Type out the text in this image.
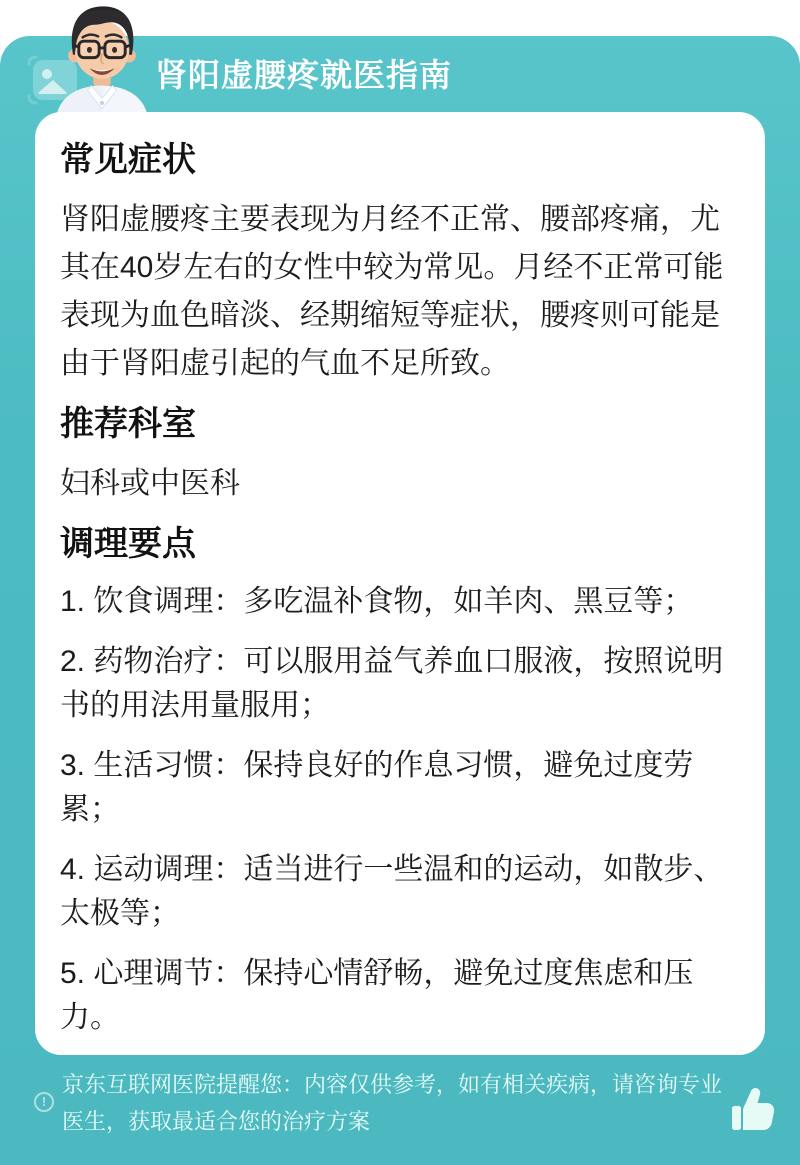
肾阳虚腰疼就医指南
常见症状

肾阳虚腰疼主要表现为月经不正常、腰部疼痛，尤其在40岁左右的女性中较为常见。月经不正常可能表现为血色暗淡、经期缩短等症状，腰疼则可能是由于肾阳虚引起的气血不足所致。

推荐科室

妇科或中医科

调理要点

1. 饮食调理：多吃温补食物，如羊肉、黑豆等；

2. 药物治疗：可以服用益气养血口服液，按照说明书的用法用量服用；

3. 生活习惯：保持良好的作息习惯，避免过度劳累；

4. 运动调理：适当进行一些温和的运动，如散步、太极等；

5. 心理调节：保持心情舒畅，避免过度焦虑和压力。

!
京东互联网医院提醒您：内容仅供参考，如有相关疾病，请咨询专业医生，获取最适合您的治疗方案
